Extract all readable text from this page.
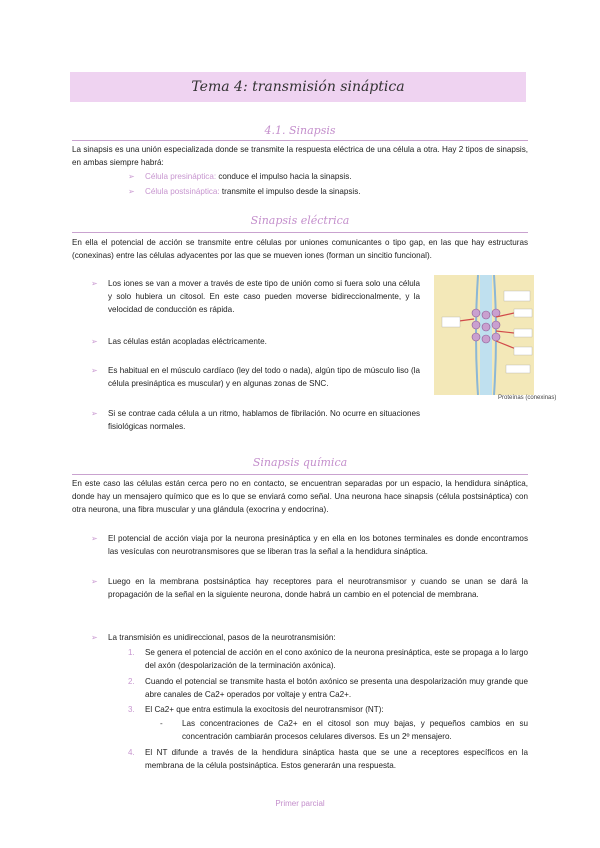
Tema 4: transmisión sináptica
4.1. Sinapsis
La sinapsis es una unión especializada donde se transmite la respuesta eléctrica de una célula a otra. Hay 2 tipos de sinapsis, en ambas siempre habrá:
➢ Célula presináptica: conduce el impulso hacia la sinapsis.
➢ Célula postsináptica: transmite el impulso desde la sinapsis.
Sinapsis eléctrica
En ella el potencial de acción se transmite entre células por uniones comunicantes o tipo gap, en las que hay estructuras (conexinas) entre las células adyacentes por las que se mueven iones (forman un sincitio funcional).
➢ Los iones se van a mover a través de este tipo de unión como si fuera solo una célula y solo hubiera un citosol. En este caso pueden moverse bidireccionalmente, y la velocidad de conducción es rápida.
➢ Las células están acopladas eléctricamente.
➢ Es habitual en el músculo cardíaco (ley del todo o nada), algún tipo de músculo liso (la célula presináptica es muscular) y en algunas zonas de SNC.
➢ Si se contrae cada célula a un ritmo, hablamos de fibrilación. No ocurre en situaciones fisiológicas normales.
Proteínas (conexinas)
Sinapsis química
En este caso las células están cerca pero no en contacto, se encuentran separadas por un espacio, la hendidura sináptica, donde hay un mensajero químico que es lo que se enviará como señal. Una neurona hace sinapsis (célula postsináptica) con otra neurona, una fibra muscular y una glándula (exocrina y endocrina).
➢ El potencial de acción viaja por la neurona presináptica y en ella en los botones terminales es donde encontramos las vesículas con neurotransmisores que se liberan tras la señal a la hendidura sináptica.
➢ Luego en la membrana postsináptica hay receptores para el neurotransmisor y cuando se unan se dará la propagación de la señal en la siguiente neurona, donde habrá un cambio en el potencial de membrana.
➢ La transmisión es unidireccional, pasos de la neurotransmisión:
1. Se genera el potencial de acción en el cono axónico de la neurona presináptica, este se propaga a lo largo del axón (despolarización de la terminación axónica).
2. Cuando el potencial se transmite hasta el botón axónico se presenta una despolarización muy grande que abre canales de Ca2+ operados por voltaje y entra Ca2+.
3. El Ca2+ que entra estimula la exocitosis del neurotransmisor (NT):
- Las concentraciones de Ca2+ en el citosol son muy bajas, y pequeños cambios en su concentración cambiarán procesos celulares diversos. Es un 2º mensajero.
4. El NT difunde a través de la hendidura sináptica hasta que se une a receptores específicos en la membrana de la célula postsináptica. Estos generarán una respuesta.
Primer parcial
